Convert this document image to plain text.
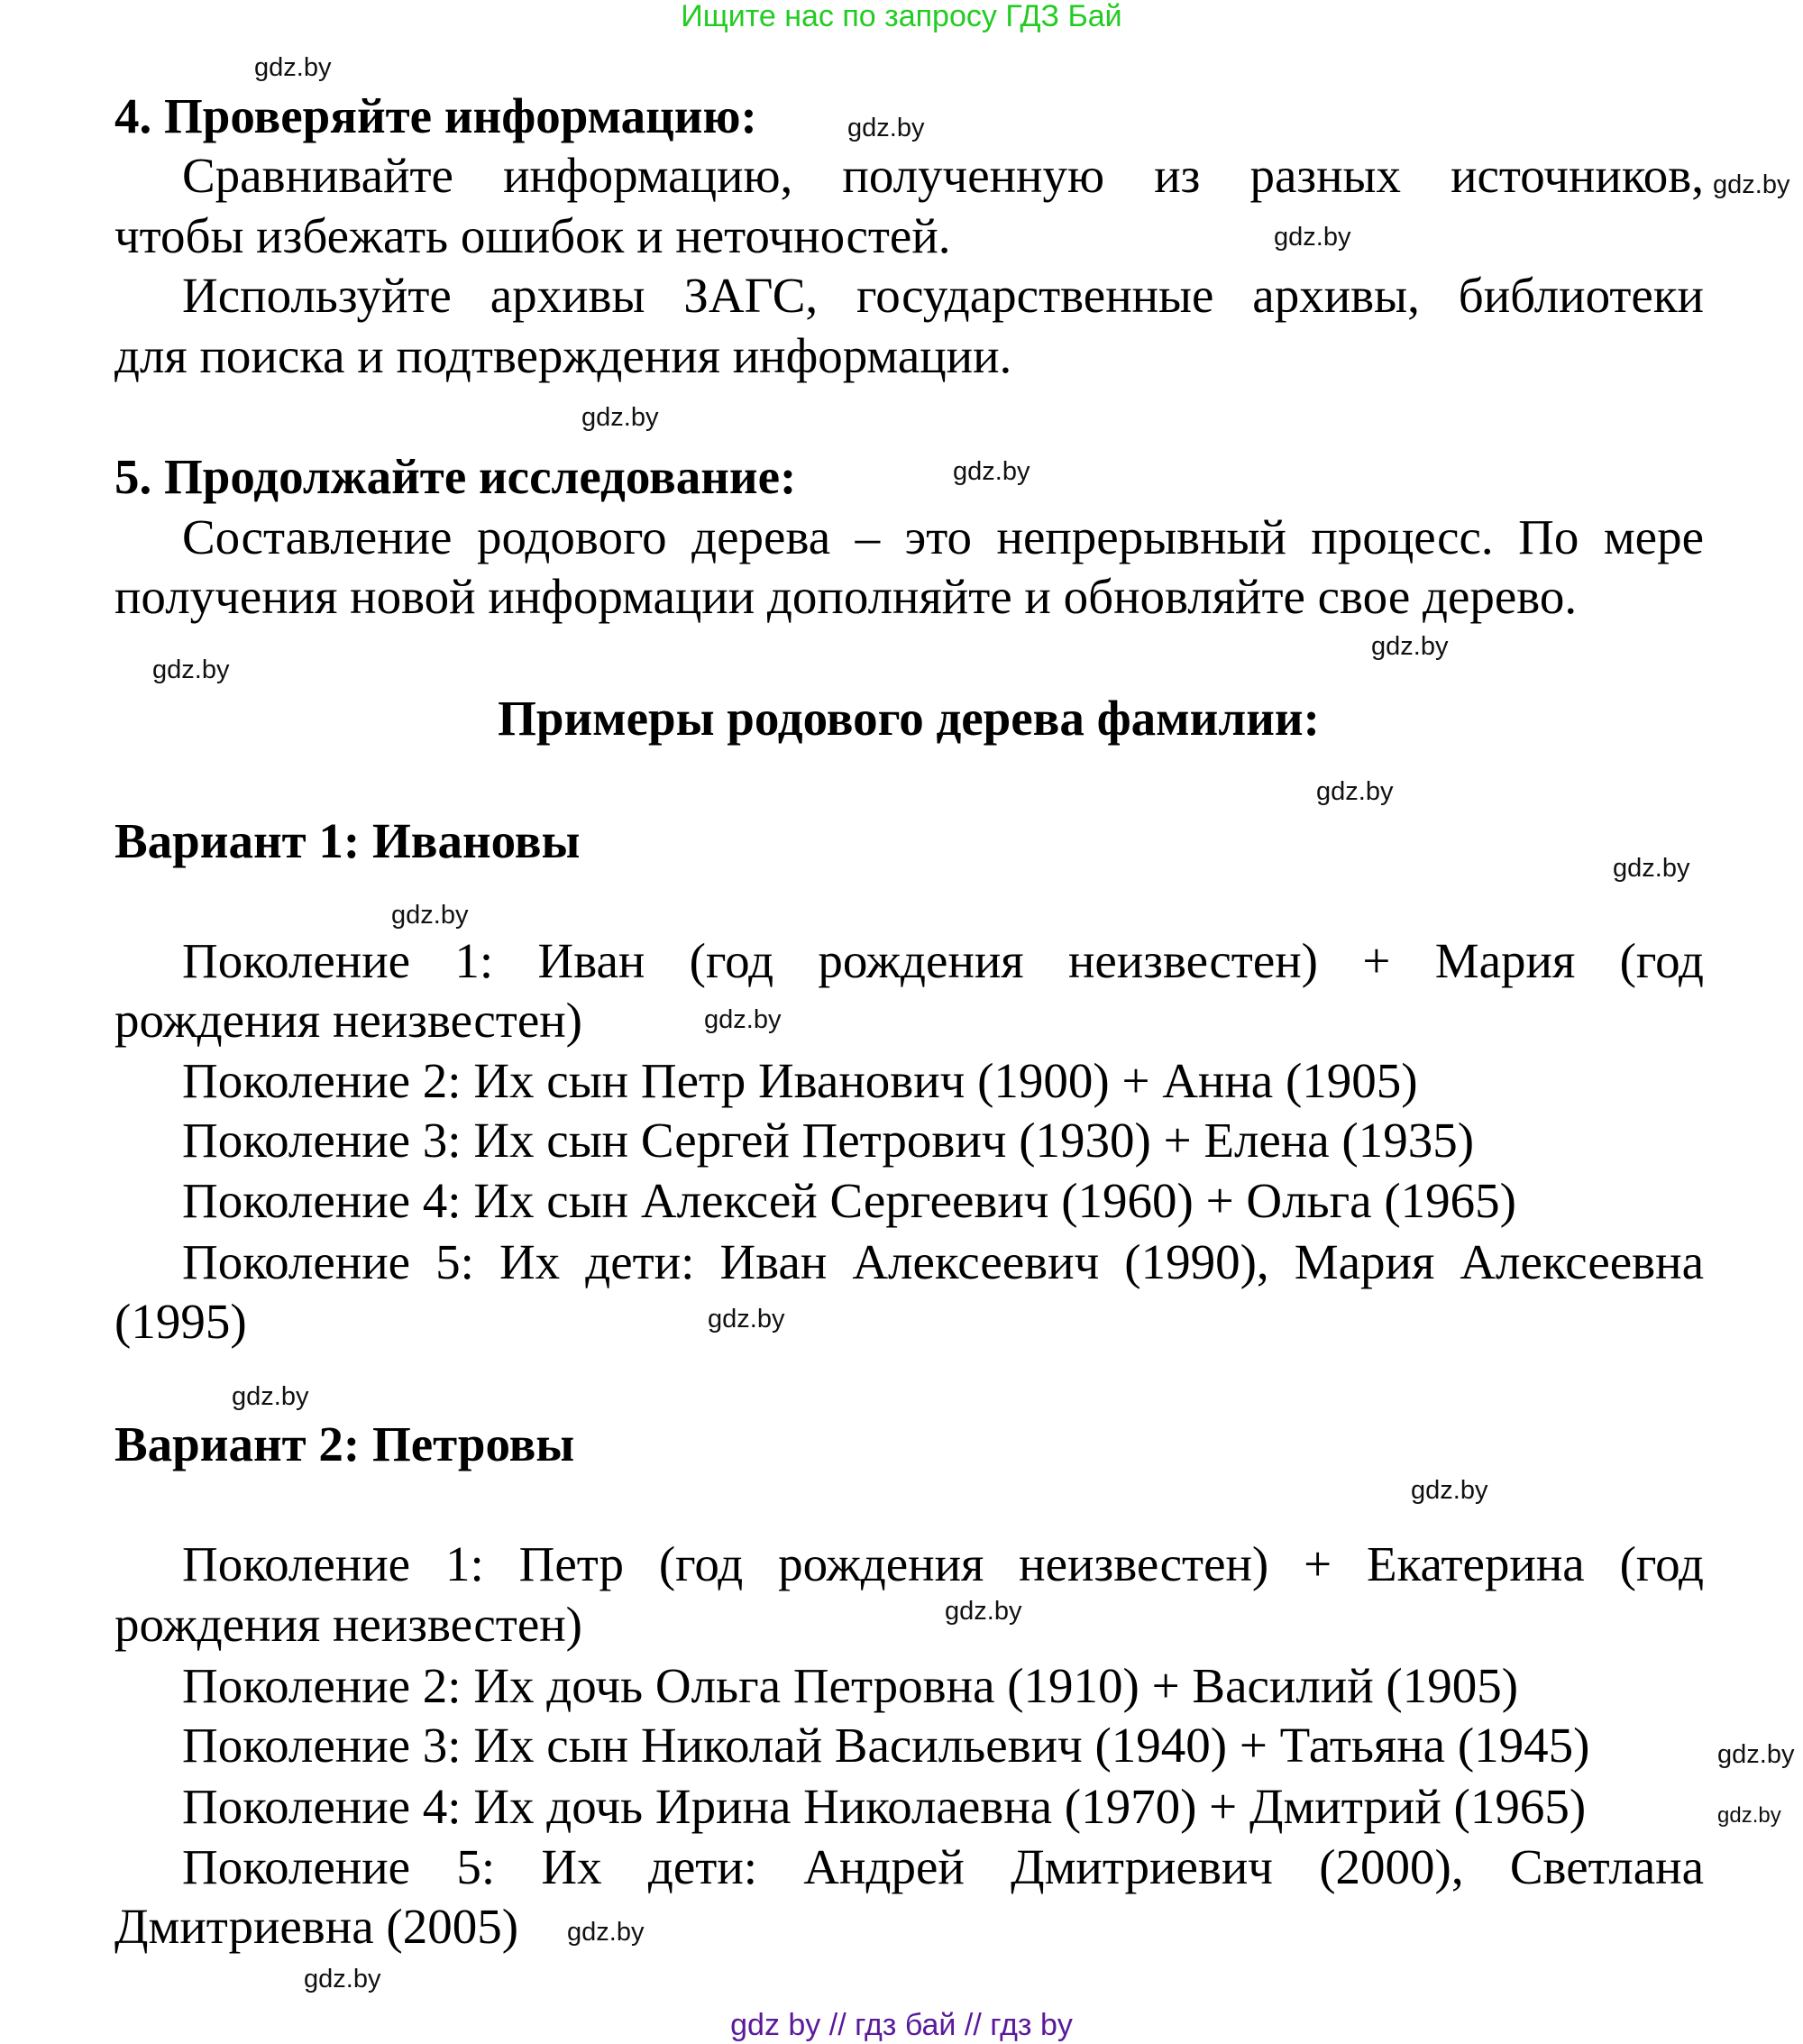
Ищите нас по запросу ГДЗ Бай
4. Проверяйте информацию:
Сравнивайте информацию, полученную из разных источников,
чтобы избежать ошибок и неточностей.
Используйте архивы ЗАГС, государственные архивы, библиотеки
для поиска и подтверждения информации.
5. Продолжайте исследование:
Составление родового дерева – это непрерывный процесс. По мере
получения новой информации дополняйте и обновляйте свое дерево.
Примеры родового дерева фамилии:
Вариант 1: Ивановы
Поколение 1: Иван (год рождения неизвестен) + Мария (год
рождения неизвестен)
Поколение 2: Их сын Петр Иванович (1900) + Анна (1905)
Поколение 3: Их сын Сергей Петрович (1930) + Елена (1935)
Поколение 4: Их сын Алексей Сергеевич (1960) + Ольга (1965)
Поколение 5: Их дети: Иван Алексеевич (1990), Мария Алексеевна
(1995)
Вариант 2: Петровы
Поколение 1: Петр (год рождения неизвестен) + Екатерина (год
рождения неизвестен)
Поколение 2: Их дочь Ольга Петровна (1910) + Василий (1905)
Поколение 3: Их сын Николай Васильевич (1940) + Татьяна (1945)
Поколение 4: Их дочь Ирина Николаевна (1970) + Дмитрий (1965)
Поколение 5: Их дети: Андрей Дмитриевич (2000), Светлана
Дмитриевна (2005)
gdz.by
gdz.by
gdz.by
gdz.by
gdz.by
gdz.by
gdz.by
gdz.by
gdz.by
gdz.by
gdz.by
gdz.by
gdz.by
gdz.by
gdz.by
gdz.by
gdz.by
gdz.by
gdz.by
gdz.by
gdz by // гдз бай // гдз by
